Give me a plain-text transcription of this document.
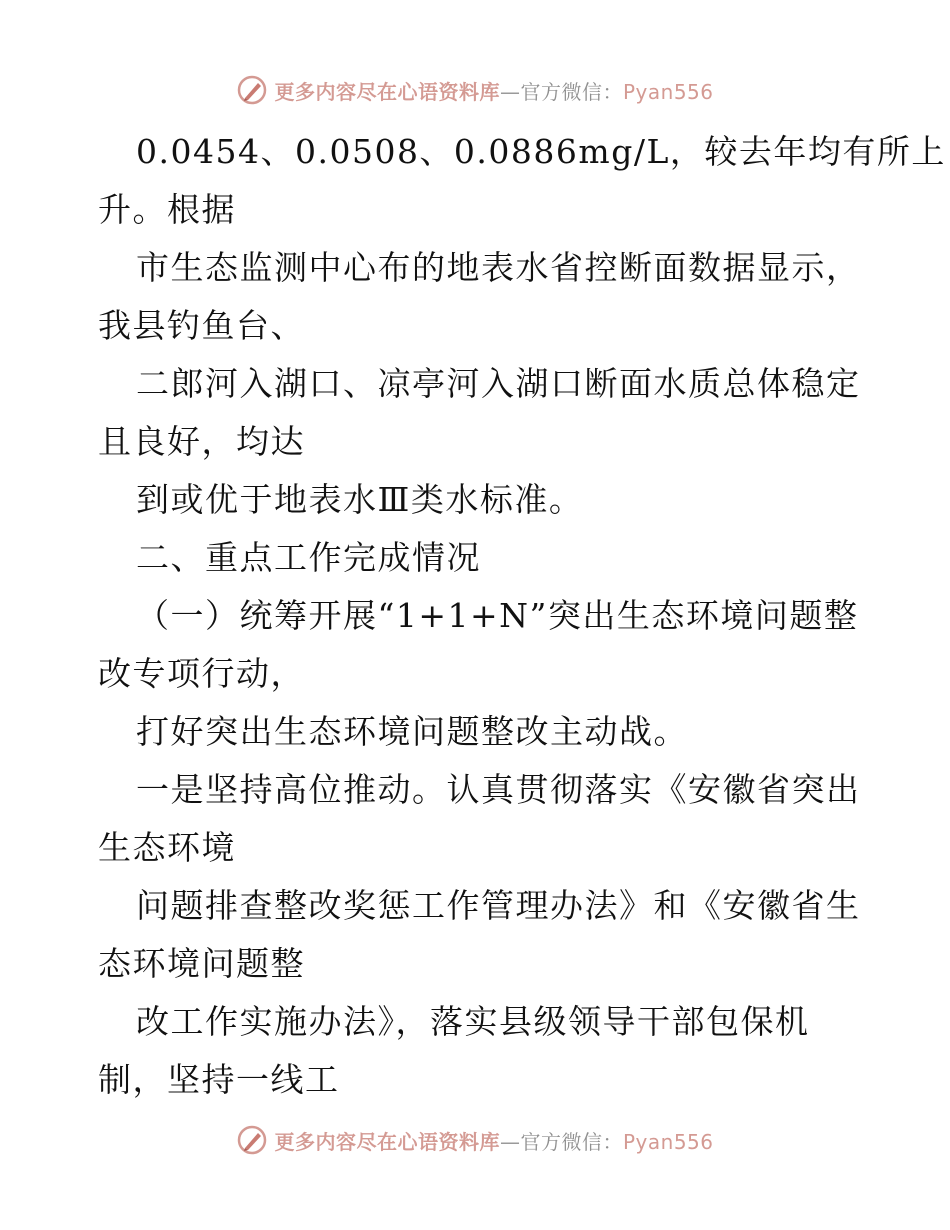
更多内容尽在心语资料库—官方微信：Pyan556
0.0454、0.0508、0.0886mg/L，较去年均有所上
升。根据
市生态监测中心布的地表水省控断面数据显示，
我县钓鱼台、
二郎河入湖口、凉亭河入湖口断面水质总体稳定
且良好，均达
到或优于地表水Ⅲ类水标准。
二、重点工作完成情况
（一）统筹开展“1+1+N”突出生态环境问题整
改专项行动，
打好突出生态环境问题整改主动战。
一是坚持高位推动。认真贯彻落实《安徽省突出
生态环境
问题排查整改奖惩工作管理办法》和《安徽省生
态环境问题整
改工作实施办法》，落实县级领导干部包保机
制，坚持一线工
更多内容尽在心语资料库—官方微信：Pyan556
